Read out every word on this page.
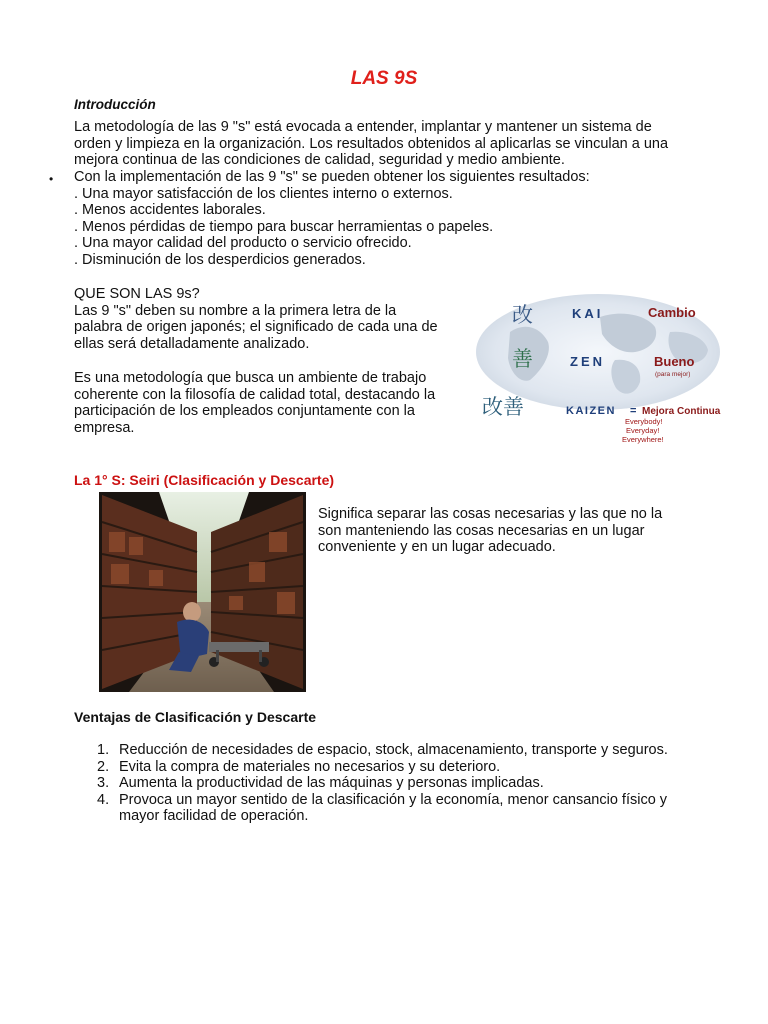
LAS 9S
Introducción
La metodología de las 9 "s" está evocada a entender, implantar y mantener un sistema de
orden y limpieza en la organización. Los resultados obtenidos al aplicarlas se vinculan a una
mejora continua de las condiciones de calidad, seguridad y medio ambiente.
• Con la implementación de las 9 "s" se pueden obtener los siguientes resultados:
. Una mayor satisfacción de los clientes interno o externos.
. Menos accidentes laborales.
. Menos pérdidas de tiempo para buscar herramientas o papeles.
. Una mayor calidad del producto o servicio ofrecido.
. Disminución de los desperdicios generados.
QUE SON LAS 9s?
Las 9 "s" deben su nombre a la primera letra de la
palabra de origen japonés; el significado de cada una de
ellas será detalladamente analizado.
Es una metodología que busca un ambiente de trabajo
coherente con la filosofía de calidad total, destacando la
participación de los empleados conjuntamente con la
empresa.
改
善
改善
KAI
ZEN
KAIZEN =
Cambio
Bueno
(para mejor)
Mejora Continua
Everybody!
Everyday!
Everywhere!
La 1° S: Seiri (Clasificación y Descarte)
Significa separar las cosas necesarias y las que no la
son manteniendo las cosas necesarias en un lugar
conveniente y en un lugar adecuado.
Ventajas de Clasificación y Descarte
1. Reducción de necesidades de espacio, stock, almacenamiento, transporte y seguros.
2. Evita la compra de materiales no necesarios y su deterioro.
3. Aumenta la productividad de las máquinas y personas implicadas.
4. Provoca un mayor sentido de la clasificación y la economía, menor cansancio físico y
mayor facilidad de operación.
